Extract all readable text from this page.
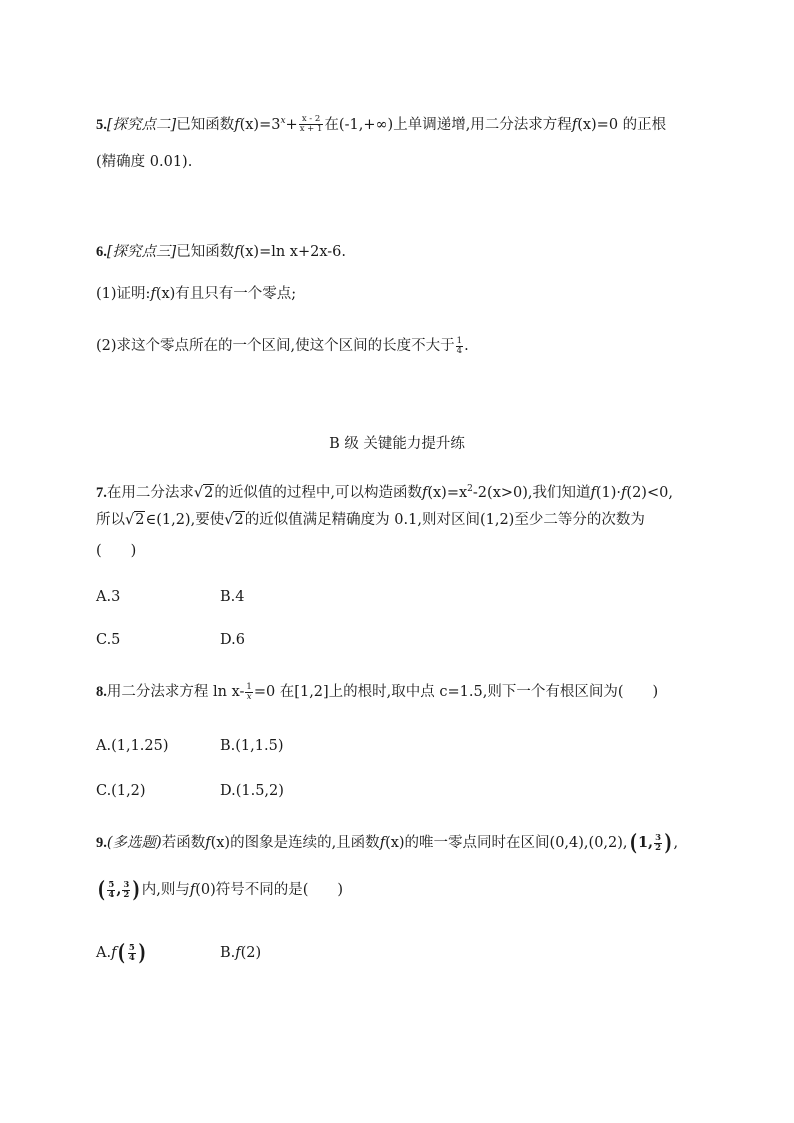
5.[探究点二]已知函数$f(x)=3^x+ \frac{x - 2}{x + 1}$ 在(-1,+∞)上单调递增,用二分法求方程f(x)=0 的正根
(精确度 0.01).
6.[探究点三]已知函数f(x)=ln x+2x-6.
(1)证明:f(x)有且只有一个零点;
(2)求这个零点所在的一个区间,使这个区间的长度不大于 $\frac{1}{4}$ .
B 级 关键能力提升练
7.在用二分法求√2的近似值的过程中,可以构造函数$f(x)=x^2-2(x>0)$,我们知道f(1)·f(2)<0,
所以√2∈(1,2),要使√2的近似值满足精确度为 0.1,则对区间(1,2)至少二等分的次数为
(　　)
A.3	B.4
C.5	D.6
8.用二分法求方程 $\ln x- \frac{1}{x} =0$ 在[1,2]上的根时,取中点 c=1.5,则下一个有根区间为(　　)
A.(1,1.25)	B.(1,1.5)
C.(1,2)	D.(1.5,2)
9.(多选题)若函数f(x)的图象是连续的,且函数f(x)的唯一零点同时在区间(0,4),(0,2),( 1, $\frac{3}{2}$ ) ,
( $\frac{5}{4}$ , $\frac{3}{2}$ ) 内,则与f(0)符号不同的是(　　)
$A.f( \frac{5}{4}$ )	B.f(2)
